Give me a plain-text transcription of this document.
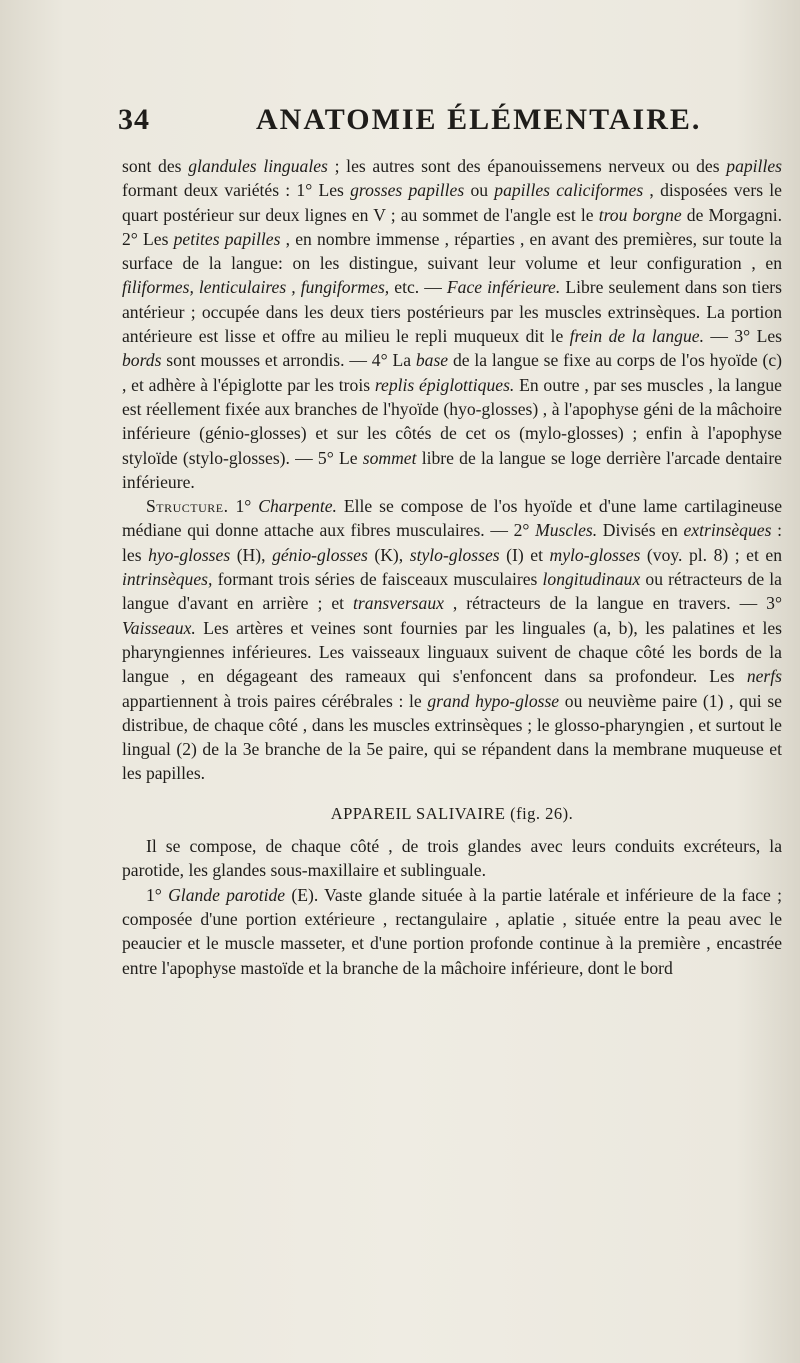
34	ANATOMIE ÉLÉMENTAIRE.

sont des glandules linguales ; les autres sont des épanouissemens nerveux ou des papilles formant deux variétés : 1° Les grosses papilles ou papilles caliciformes , disposées vers le quart postérieur sur deux lignes en V ; au sommet de l'angle est le trou borgne de Morgagni. 2° Les petites papilles , en nombre immense , réparties , en avant des premières, sur toute la surface de la langue: on les distingue, suivant leur volume et leur configuration , en filiformes, lenticulaires , fungiformes, etc. — Face inférieure. Libre seulement dans son tiers antérieur ; occupée dans les deux tiers postérieurs par les muscles extrinsèques. La portion antérieure est lisse et offre au milieu le repli muqueux dit le frein de la langue. — 3° Les bords sont mousses et arrondis. — 4° La base de la langue se fixe au corps de l'os hyoïde (c) , et adhère à l'épiglotte par les trois replis épiglottiques. En outre , par ses muscles , la langue est réellement fixée aux branches de l'hyoïde (hyo-glosses) , à l'apophyse géni de la mâchoire inférieure (génio-glosses) et sur les côtés de cet os (mylo-glosses) ; enfin à l'apophyse styloïde (stylo-glosses). — 5° Le sommet libre de la langue se loge derrière l'arcade dentaire inférieure.

Structure. 1° Charpente. Elle se compose de l'os hyoïde et d'une lame cartilagineuse médiane qui donne attache aux fibres musculaires. — 2° Muscles. Divisés en extrinsèques : les hyo-glosses (H), génio-glosses (K), stylo-glosses (I) et mylo-glosses (voy. pl. 8) ; et en intrinsèques, formant trois séries de faisceaux musculaires longitudinaux ou rétracteurs de la langue d'avant en arrière ; et transversaux , rétracteurs de la langue en travers. — 3° Vaisseaux. Les artères et veines sont fournies par les linguales (a, b), les palatines et les pharyngiennes inférieures. Les vaisseaux linguaux suivent de chaque côté les bords de la langue , en dégageant des rameaux qui s'enfoncent dans sa profondeur. Les nerfs appartiennent à trois paires cérébrales : le grand hypo-glosse ou neuvième paire (1) , qui se distribue, de chaque côté , dans les muscles extrinsèques ; le glosso-pharyngien , et surtout le lingual (2) de la 3e branche de la 5e paire, qui se répandent dans la membrane muqueuse et les papilles.

APPAREIL SALIVAIRE (fig. 26).

Il se compose, de chaque côté , de trois glandes avec leurs conduits excréteurs, la parotide, les glandes sous-maxillaire et sublinguale.

1° Glande parotide (E). Vaste glande située à la partie latérale et inférieure de la face ; composée d'une portion extérieure , rectangulaire , aplatie , située entre la peau avec le peaucier et le muscle masseter, et d'une portion profonde continue à la première , encastrée entre l'apophyse mastoïde et la branche de la mâchoire inférieure, dont le bord
